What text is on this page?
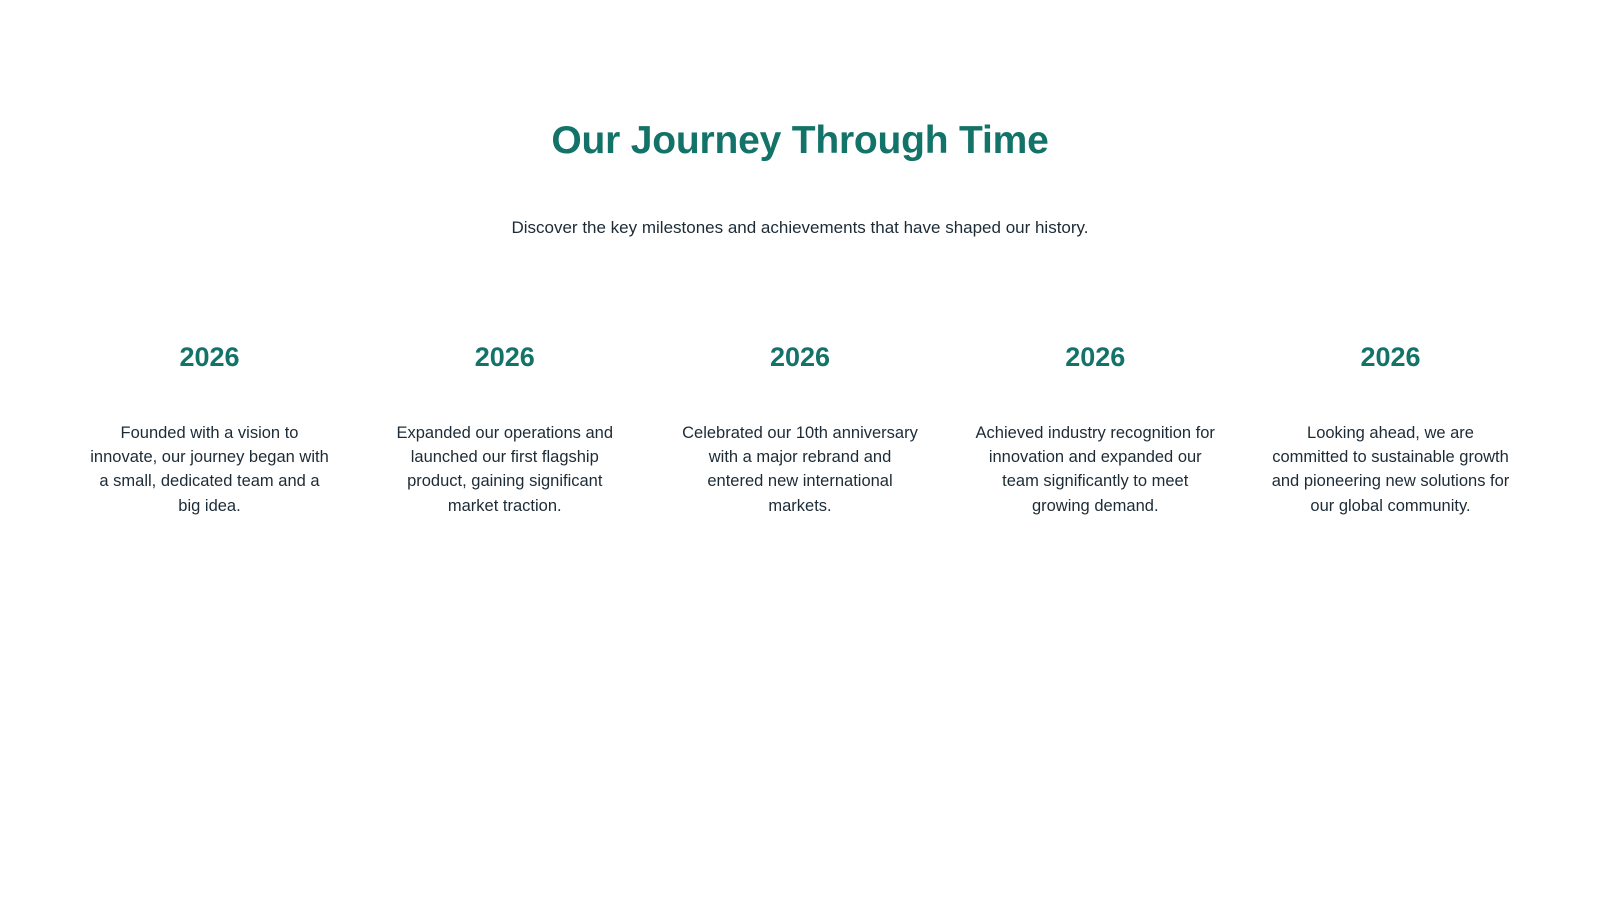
Our Journey Through Time

Discover the key milestones and achievements that have shaped our history.

2026

Founded with a vision to innovate, our journey began with a small, dedicated team and a big idea.

2026

Expanded our operations and launched our first flagship product, gaining significant market traction.

2026

Celebrated our 10th anniversary with a major rebrand and entered new international markets.

2026

Achieved industry recognition for innovation and expanded our team significantly to meet growing demand.

2026

Looking ahead, we are committed to sustainable growth and pioneering new solutions for our global community.
